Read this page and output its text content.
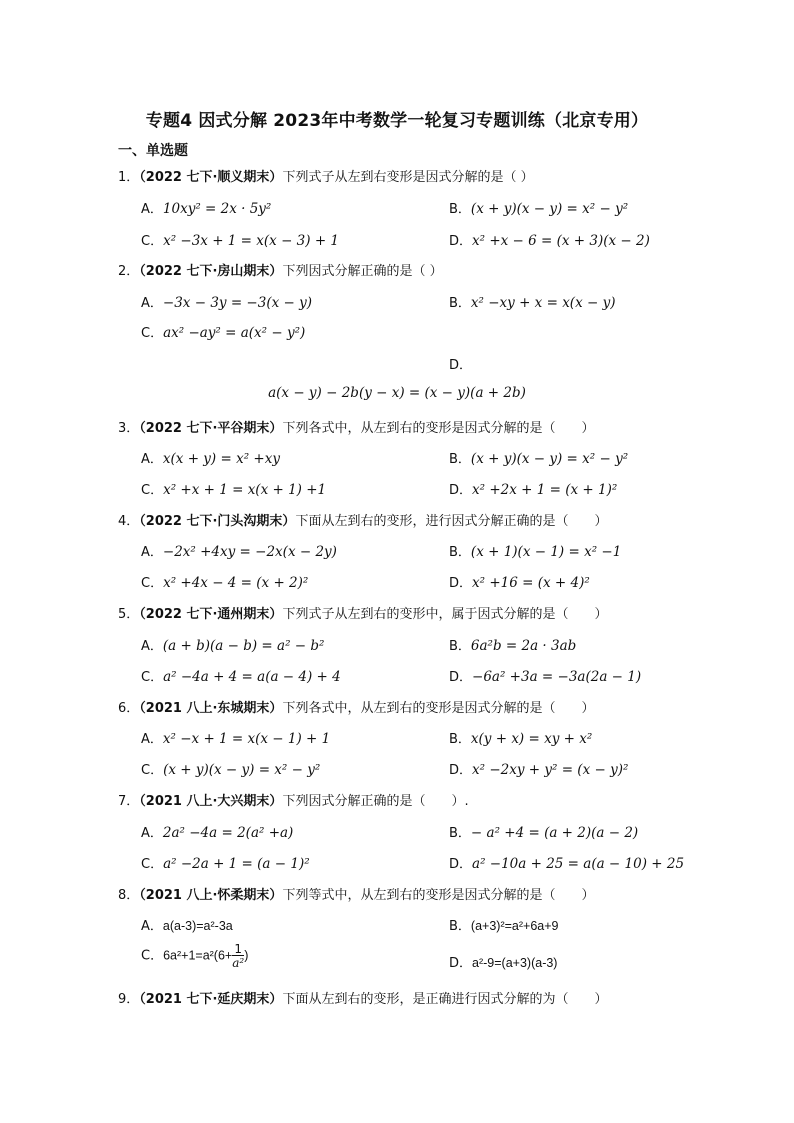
专题4 因式分解 2023年中考数学一轮复习专题训练（北京专用）
一、单选题
1．（2022 七下·顺义期末）下列式子从左到右变形是因式分解的是（ ）
A．10xy² = 2x · 5y²	B．(x + y)(x − y) = x² − y²
C．x² −3x + 1 = x(x − 3) + 1	D．x² +x − 6 = (x + 3)(x − 2)
2．（2022 七下·房山期末）下列因式分解正确的是（ ）
A．−3x − 3y = −3(x − y)	B．x² −xy + x = x(x − y)
C．ax² −ay² = a(x² − y²)
D．
a(x − y) − 2b(y − x) = (x − y)(a + 2b)
3．（2022 七下·平谷期末）下列各式中，从左到右的变形是因式分解的是（　　）
A．x(x + y) = x² +xy	B．(x + y)(x − y) = x² − y²
C．x² +x + 1 = x(x + 1) +1	D．x² +2x + 1 = (x + 1)²
4．（2022 七下·门头沟期末）下面从左到右的变形，进行因式分解正确的是（　　）
A．−2x² +4xy = −2x(x − 2y)	B．(x + 1)(x − 1) = x² −1
C．x² +4x − 4 = (x + 2)²	D．x² +16 = (x + 4)²
5．（2022 七下·通州期末）下列式子从左到右的变形中，属于因式分解的是（　　）
A．(a + b)(a − b) = a² − b²	B．6a²b = 2a · 3ab
C．a² −4a + 4 = a(a − 4) + 4	D．−6a² +3a = −3a(2a − 1)
6．（2021 八上·东城期末）下列各式中，从左到右的变形是因式分解的是（　　）
A．x² −x + 1 = x(x − 1) + 1	B．x(y + x) = xy + x²
C．(x + y)(x − y) = x² − y²	D．x² −2xy + y² = (x − y)²
7．（2021 八上·大兴期末）下列因式分解正确的是（　　）.
A．2a² −4a = 2(a² +a)	B．− a² +4 = (a + 2)(a − 2)
C．a² −2a + 1 = (a − 1)²	D．a² −10a + 25 = a(a − 10) + 25
8．（2021 八上·怀柔期末）下列等式中，从左到右的变形是因式分解的是（　　）
A．a(a-3)=a²-3a	B．(a+3)²=a²+6a+9
C．$6a^2+1=a^2(6+ \frac{1}{\text{a²}}$ )
D．a²-9=(a+3)(a-3)
9．（2021 七下·延庆期末）下面从左到右的变形，是正确进行因式分解的为（　　）
